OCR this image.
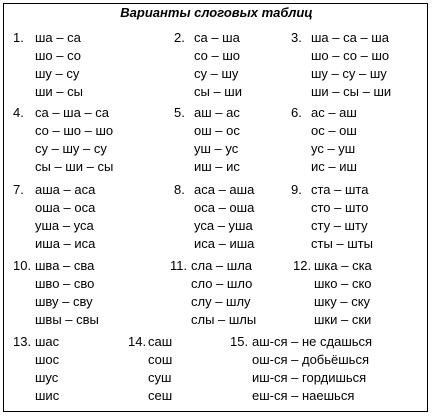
Варианты слоговых таблиц
1. ша – са
шо – со
шу – су
ши – сы
2. са – ша
со – шо
су – шу
сы – ши
3. ша – са – ша
шо – со – шо
шу – су – шу
ши – сы – ши
4. са – ша – са
со – шо – шо
су – шу – су
сы – ши – сы
5. аш – ас
ош – ос
уш – ус
иш – ис
6. ас – аш
ос – ош
ус – уш
ис – иш
7. аша – аса
оша – оса
уша – уса
иша – иса
8. аса – аша
оса – оша
уса – уша
иса – иша
9. ста – шта
сто – што
сту – шту
сты – шты
10. шва – сва
шво – сво
шву – сву
швы – свы
11. сла – шла
сло – шло
слу – шлу
слы – шлы
12. шка – ска
шко – ско
шку – ску
шки – ски
13. шас
шос
шус
шис
14. саш
сош
суш
сеш
15. аш-ся – не сдашься
ош-ся – добьёшься
иш-ся – гордишься
еш-ся – наешься
